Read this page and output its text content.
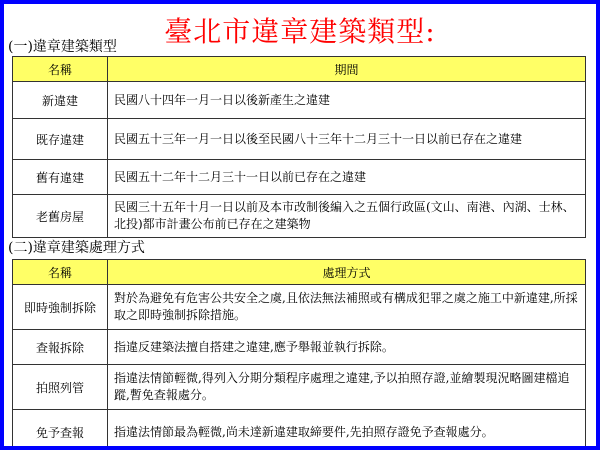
臺北市違章建築類型:
(一)違章建築類型
名稱	期間
新違建	民國八十四年一月一日以後新產生之違建
既存違建	民國五十三年一月一日以後至民國八十三年十二月三十一日以前已存在之違建
舊有違建	民國五十二年十二月三十一日以前已存在之違建
老舊房屋	民國三十五年十月一日以前及本市改制後編入之五個行政區(文山、南港、內湖、士林、北投)都市計畫公布前已存在之建築物
(二)違章建築處理方式
名稱	處理方式
即時強制拆除	對於為避免有危害公共安全之虞,且依法無法補照或有構成犯罪之虞之施工中新違建,所採取之即時強制拆除措施。
查報拆除	指違反建築法擅自搭建之違建,應予舉報並執行拆除。
拍照列管	指違法情節輕微,得列入分期分類程序處理之違建,予以拍照存證,並繪製現況略圖建檔追蹤,暫免查報處分。
免予查報	指違法情節最為輕微,尚未達新違建取締要件,先拍照存證免予查報處分。
